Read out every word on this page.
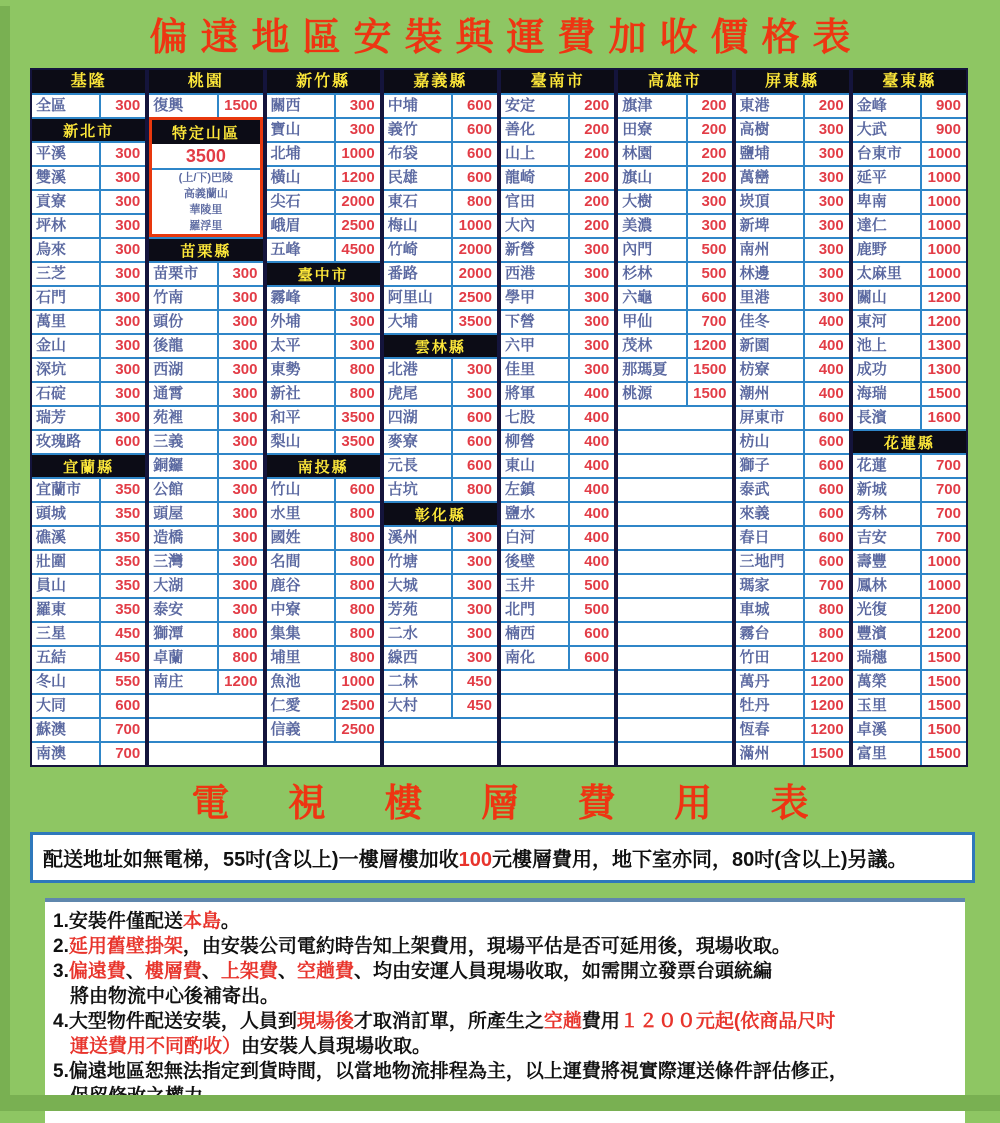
偏遠地區安裝與運費加收價格表
基隆
全區	300
新北市
平溪	300
雙溪	300
貢寮	300
坪林	300
烏來	300
三芝	300
石門	300
萬里	300
金山	300
深坑	300
石碇	300
瑞芳	300
玫瑰路	600
宜蘭縣
宜蘭市	350
頭城	350
礁溪	350
壯圍	350
員山	350
羅東	350
三星	450
五結	450
冬山	550
大同	600
蘇澳	700
南澳	700
桃園
復興	1500
特定山區
3500
(上/下)巴陵
高義蘭山
華陵里
羅浮里
苗栗縣
苗栗市	300
竹南	300
頭份	300
後龍	300
西湖	300
通霄	300
苑裡	300
三義	300
銅鑼	300
公館	300
頭屋	300
造橋	300
三灣	300
大湖	300
泰安	300
獅潭	800
卓蘭	800
南庄	1200
新竹縣
關西	300
寶山	300
北埔	1000
橫山	1200
尖石	2000
峨眉	2500
五峰	4500
臺中市
霧峰	300
外埔	300
太平	300
東勢	800
新社	800
和平	3500
梨山	3500
南投縣
竹山	600
水里	800
國姓	800
名間	800
鹿谷	800
中寮	800
集集	800
埔里	800
魚池	1000
仁愛	2500
信義	2500
嘉義縣
中埔	600
義竹	600
布袋	600
民雄	600
東石	800
梅山	1000
竹崎	2000
番路	2000
阿里山	2500
大埔	3500
雲林縣
北港	300
虎尾	300
四湖	600
麥寮	600
元長	600
古坑	800
彰化縣
溪州	300
竹塘	300
大城	300
芳苑	300
二水	300
線西	300
二林	450
大村	450
臺南市
安定	200
善化	200
山上	200
龍崎	200
官田	200
大內	200
新營	300
西港	300
學甲	300
下營	300
六甲	300
佳里	300
將軍	400
七股	400
柳營	400
東山	400
左鎮	400
鹽水	400
白河	400
後壁	400
玉井	500
北門	500
楠西	600
南化	600
高雄市
旗津	200
田寮	200
林園	200
旗山	200
大樹	300
美濃	300
內門	500
杉林	500
六龜	600
甲仙	700
茂林	1200
那瑪夏	1500
桃源	1500
屏東縣
東港	200
高樹	300
鹽埔	300
萬巒	300
崁頂	300
新埤	300
南州	300
林邊	300
里港	300
佳冬	400
新園	400
枋寮	400
潮州	400
屏東市	600
枋山	600
獅子	600
泰武	600
來義	600
春日	600
三地門	600
瑪家	700
車城	800
霧台	800
竹田	1200
萬丹	1200
牡丹	1200
恆春	1200
滿州	1500
臺東縣
金峰	900
大武	900
台東市	1000
延平	1000
卑南	1000
達仁	1000
鹿野	1000
太麻里	1000
關山	1200
東河	1200
池上	1300
成功	1300
海瑞	1500
長濱	1600
花蓮縣
花蓮	700
新城	700
秀林	700
吉安	700
壽豐	1000
鳳林	1000
光復	1200
豐濱	1200
瑞穗	1500
萬榮	1500
玉里	1500
卓溪	1500
富里	1500
電 視 樓 層 費 用 表
配送地址如無電梯，55吋(含以上)一樓層樓加收100元樓層費用，地下室亦同，80吋(含以上)另議。
1.安裝件僅配送本島。
2.延用舊壁掛架，由安裝公司電約時告知上架費用，現場平估是否可延用後，現場收取。
3.偏遠費、樓層費、上架費、空趟費、均由安運人員現場收取，如需開立發票台頭統編
將由物流中心後補寄出。
4.大型物件配送安裝，人員到現場後才取消訂單，所產生之空趟費用１２００元起(依商品尺吋
運送費用不同酌收）由安裝人員現場收取。
5.偏遠地區恕無法指定到貨時間，以當地物流排程為主，以上運費將視實際運送條件評估修正，
